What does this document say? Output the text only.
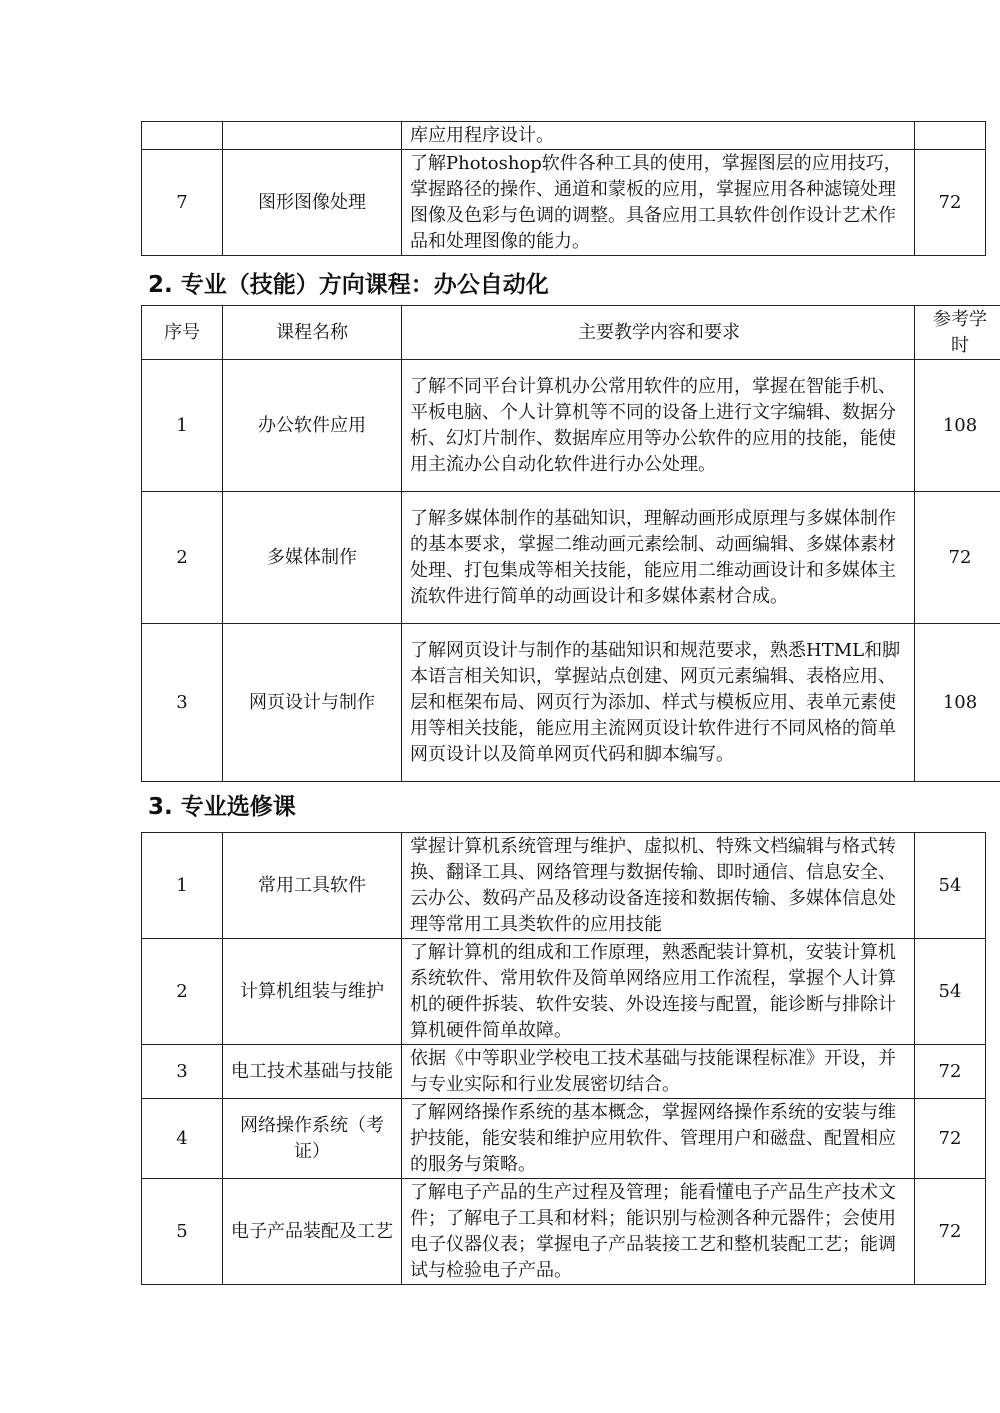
		库应用程序设计。	
7	图形图像处理	了解Photoshop软件各种工具的使用，掌握图层的应用技巧，掌握路径的操作、通道和蒙板的应用，掌握应用各种滤镜处理图像及色彩与色调的调整。具备应用工具软件创作设计艺术作品和处理图像的能力。	72
2. 专业（技能）方向课程：办公自动化
序号	课程名称	主要教学内容和要求	参考学时
1	办公软件应用	了解不同平台计算机办公常用软件的应用，掌握在智能手机、平板电脑、个人计算机等不同的设备上进行文字编辑、数据分析、幻灯片制作、数据库应用等办公软件的应用的技能，能使用主流办公自动化软件进行办公处理。	108
2	多媒体制作	了解多媒体制作的基础知识，理解动画形成原理与多媒体制作的基本要求，掌握二维动画元素绘制、动画编辑、多媒体素材处理、打包集成等相关技能，能应用二维动画设计和多媒体主流软件进行简单的动画设计和多媒体素材合成。	72
3	网页设计与制作	了解网页设计与制作的基础知识和规范要求，熟悉HTML和脚本语言相关知识，掌握站点创建、网页元素编辑、表格应用、层和框架布局、网页行为添加、样式与模板应用、表单元素使用等相关技能，能应用主流网页设计软件进行不同风格的简单网页设计以及简单网页代码和脚本编写。	108
3. 专业选修课
1	常用工具软件	掌握计算机系统管理与维护、虚拟机、特殊文档编辑与格式转换、翻译工具、网络管理与数据传输、即时通信、信息安全、云办公、数码产品及移动设备连接和数据传输、多媒体信息处理等常用工具类软件的应用技能	54
2	计算机组装与维护	了解计算机的组成和工作原理，熟悉配装计算机，安装计算机系统软件、常用软件及简单网络应用工作流程，掌握个人计算机的硬件拆装、软件安装、外设连接与配置，能诊断与排除计算机硬件简单故障。	54
3	电工技术基础与技能	依据《中等职业学校电工技术基础与技能课程标准》开设，并与专业实际和行业发展密切结合。	72
4	网络操作系统（考证）	了解网络操作系统的基本概念，掌握网络操作系统的安装与维护技能，能安装和维护应用软件、管理用户和磁盘、配置相应的服务与策略。	72
5	电子产品装配及工艺	了解电子产品的生产过程及管理；能看懂电子产品生产技术文件；了解电子工具和材料；能识别与检测各种元器件；会使用电子仪器仪表；掌握电子产品装接工艺和整机装配工艺；能调试与检验电子产品。	72
